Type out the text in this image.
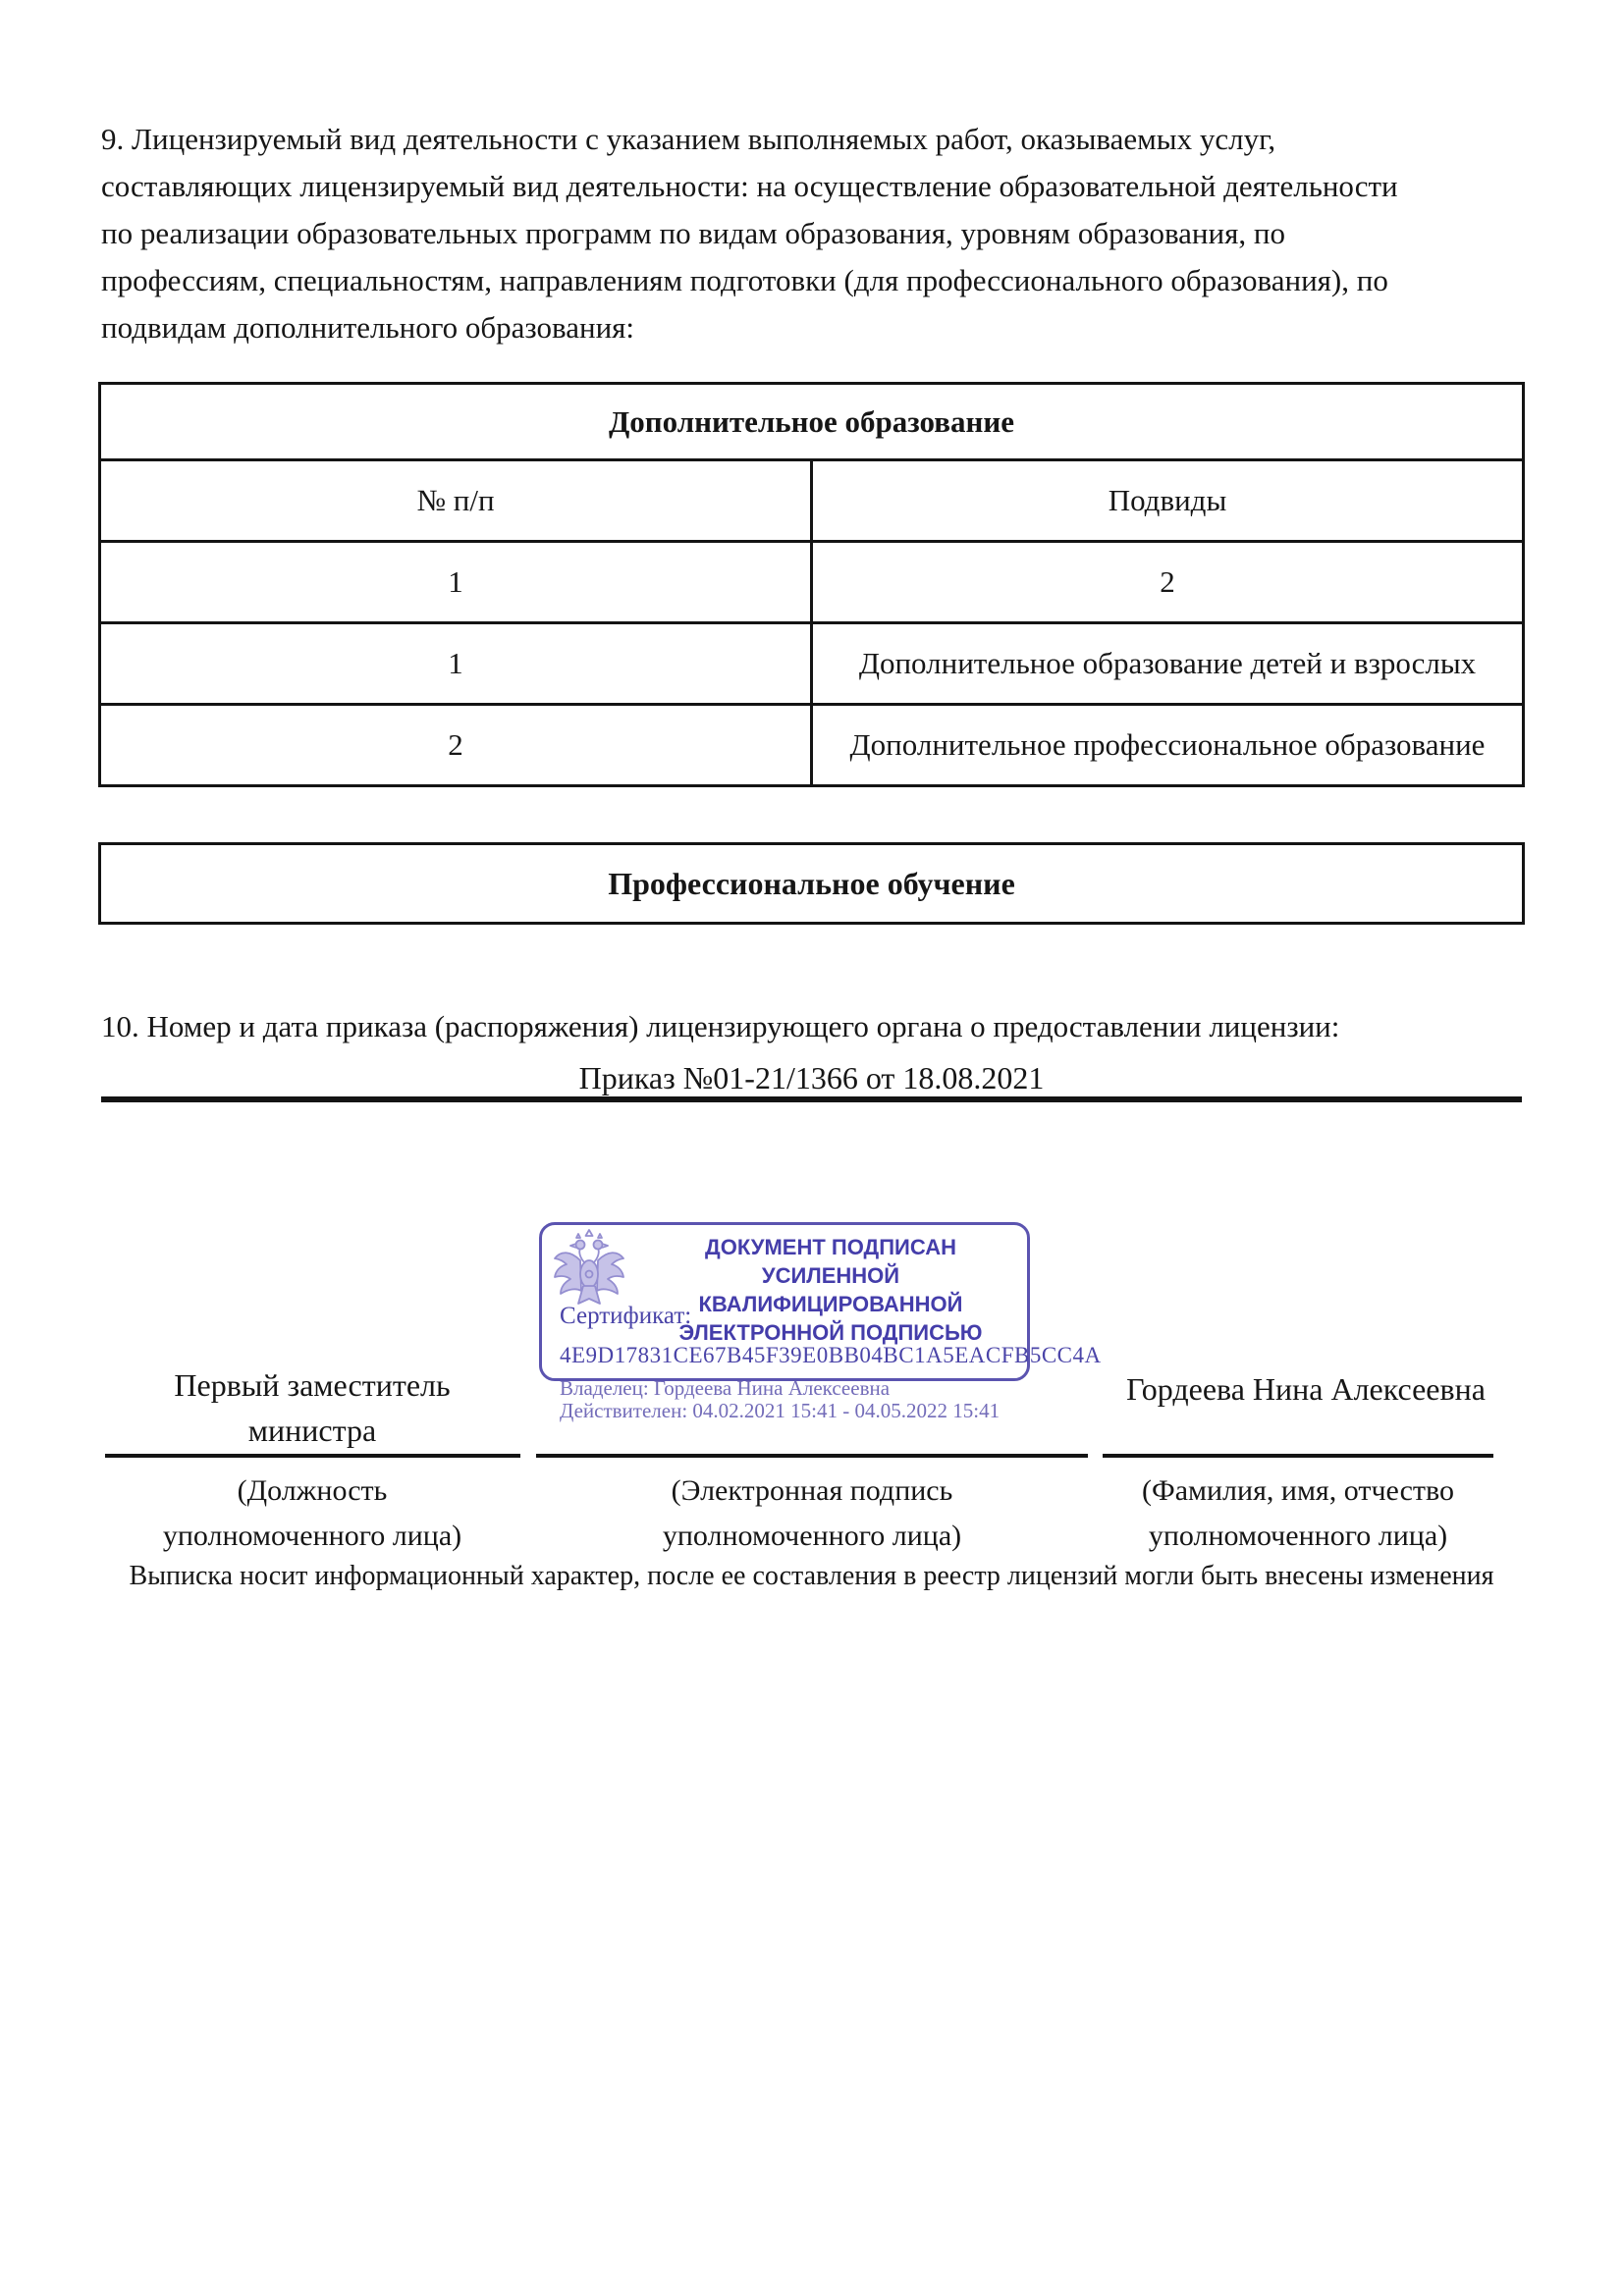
9. Лицензируемый вид деятельности с указанием выполняемых работ, оказываемых услуг,
составляющих лицензируемый вид деятельности: на осуществление образовательной деятельности
по реализации образовательных программ по видам образования, уровням образования, по
профессиям, специальностям, направлениям подготовки (для профессионального образования), по
подвидам дополнительного образования:
Дополнительное образование	
№ п/п	Подвиды
1	2
1	Дополнительное образование детей и взрослых
2	Дополнительное профессиональное образование
Профессиональное обучение
10. Номер и дата приказа (распоряжения) лицензирующего органа о предоставлении лицензии:
Приказ №01-21/1366 от 18.08.2021
ДОКУМЕНТ ПОДПИСАН
УСИЛЕННОЙ КВАЛИФИЦИРОВАННОЙ
ЭЛЕКТРОННОЙ ПОДПИСЬЮ
Сертификат:
4E9D17831CE67B45F39E0BB04BC1A5EACFB5CC4A
Владелец: Гордеева Нина Алексеевна
Действителен: 04.02.2021 15:41 - 04.05.2022 15:41
Первый заместитель
министра
Гордеева Нина Алексеевна
(Должность
уполномоченного лица)
(Электронная подпись
уполномоченного лица)
(Фамилия, имя, отчество
уполномоченного лица)
Выписка носит информационный характер, после ее составления в реестр лицензий могли быть внесены изменения
